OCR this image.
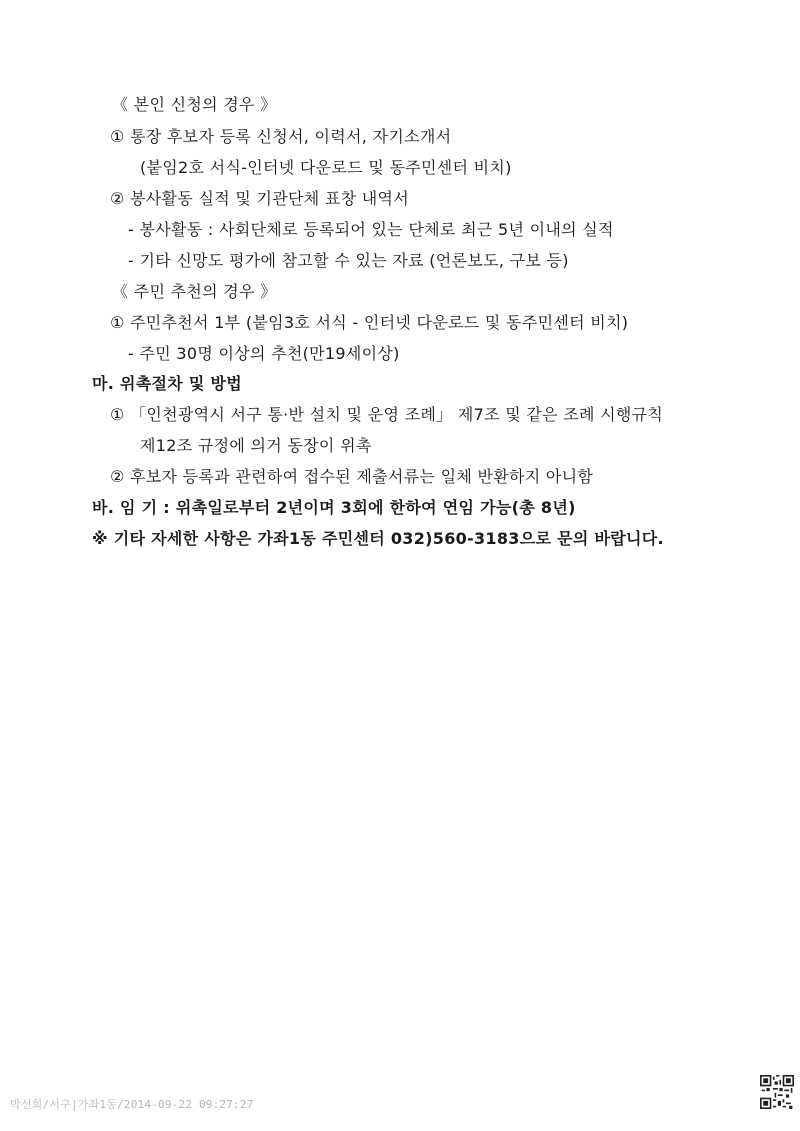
《 본인 신청의 경우 》
① 통장 후보자 등록 신청서, 이력서, 자기소개서
(붙임2호 서식-인터넷 다운로드 및 동주민센터 비치)
② 봉사활동 실적 및 기관단체 표창 내역서
- 봉사활동 : 사회단체로 등록되어 있는 단체로 최근 5년 이내의 실적
- 기타 신망도 평가에 참고할 수 있는 자료 (언론보도, 구보 등)
《 주민 추천의 경우 》
① 주민추천서 1부 (붙임3호 서식 - 인터넷 다운로드 및 동주민센터 비치)
- 주민 30명 이상의 추천(만19세이상)
마. 위촉절차 및 방법
① 「인천광역시 서구 통·반 설치 및 운영 조례」 제7조 및 같은 조례 시행규칙
제12조 규정에 의거 동장이 위촉
② 후보자 등록과 관련하여 접수된 제출서류는 일체 반환하지 아니함
바. 임 기 : 위촉일로부터 2년이며 3회에 한하여 연임 가능(총 8년)
※ 기타 자세한 사항은 가좌1동 주민센터 032)560-3183으로 문의 바랍니다.
박선희/서구|가좌1동/2014-09-22 09:27:27
